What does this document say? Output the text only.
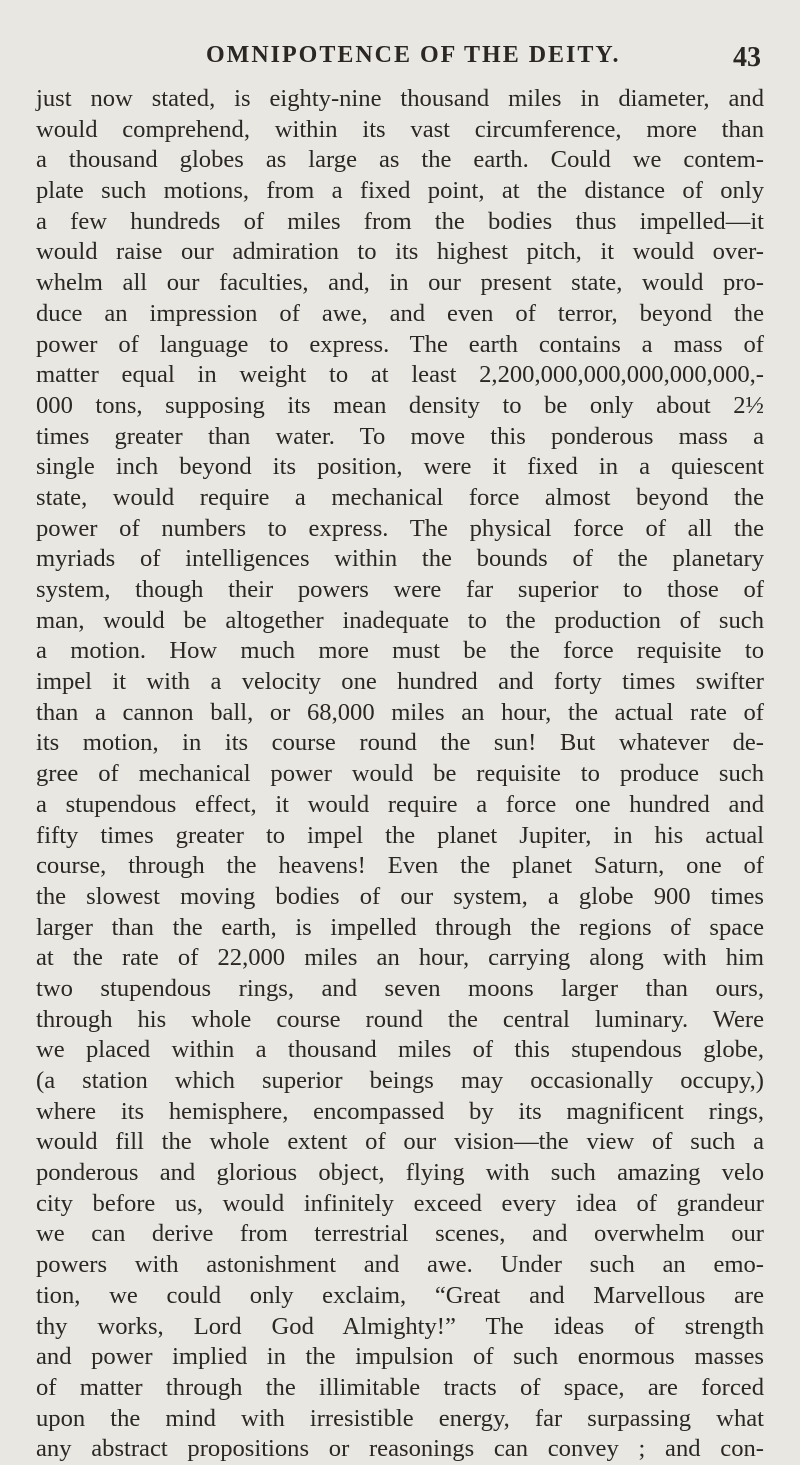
OMNIPOTENCE OF THE DEITY.	43
just now stated, is eighty-nine thousand miles in diameter, and
would comprehend, within its vast circumference, more than
a thousand globes as large as the earth. Could we contem-
plate such motions, from a fixed point, at the distance of only
a few hundreds of miles from the bodies thus impelled—it
would raise our admiration to its highest pitch, it would over-
whelm all our faculties, and, in our present state, would pro-
duce an impression of awe, and even of terror, beyond the
power of language to express. The earth contains a mass of
matter equal in weight to at least 2,200,000,000,000,000,000,-
000 tons, supposing its mean density to be only about 2½
times greater than water. To move this ponderous mass a
single inch beyond its position, were it fixed in a quiescent
state, would require a mechanical force almost beyond the
power of numbers to express. The physical force of all the
myriads of intelligences within the bounds of the planetary
system, though their powers were far superior to those of
man, would be altogether inadequate to the production of such
a motion. How much more must be the force requisite to
impel it with a velocity one hundred and forty times swifter
than a cannon ball, or 68,000 miles an hour, the actual rate of
its motion, in its course round the sun! But whatever de-
gree of mechanical power would be requisite to produce such
a stupendous effect, it would require a force one hundred and
fifty times greater to impel the planet Jupiter, in his actual
course, through the heavens! Even the planet Saturn, one of
the slowest moving bodies of our system, a globe 900 times
larger than the earth, is impelled through the regions of space
at the rate of 22,000 miles an hour, carrying along with him
two stupendous rings, and seven moons larger than ours,
through his whole course round the central luminary. Were
we placed within a thousand miles of this stupendous globe,
(a station which superior beings may occasionally occupy,)
where its hemisphere, encompassed by its magnificent rings,
would fill the whole extent of our vision—the view of such a
ponderous and glorious object, flying with such amazing velo
city before us, would infinitely exceed every idea of grandeur
we can derive from terrestrial scenes, and overwhelm our
powers with astonishment and awe. Under such an emo-
tion, we could only exclaim, “Great and Marvellous are
thy works, Lord God Almighty!” The ideas of strength
and power implied in the impulsion of such enormous masses
of matter through the illimitable tracts of space, are forced
upon the mind with irresistible energy, far surpassing what
any abstract propositions or reasonings can convey ; and con-
